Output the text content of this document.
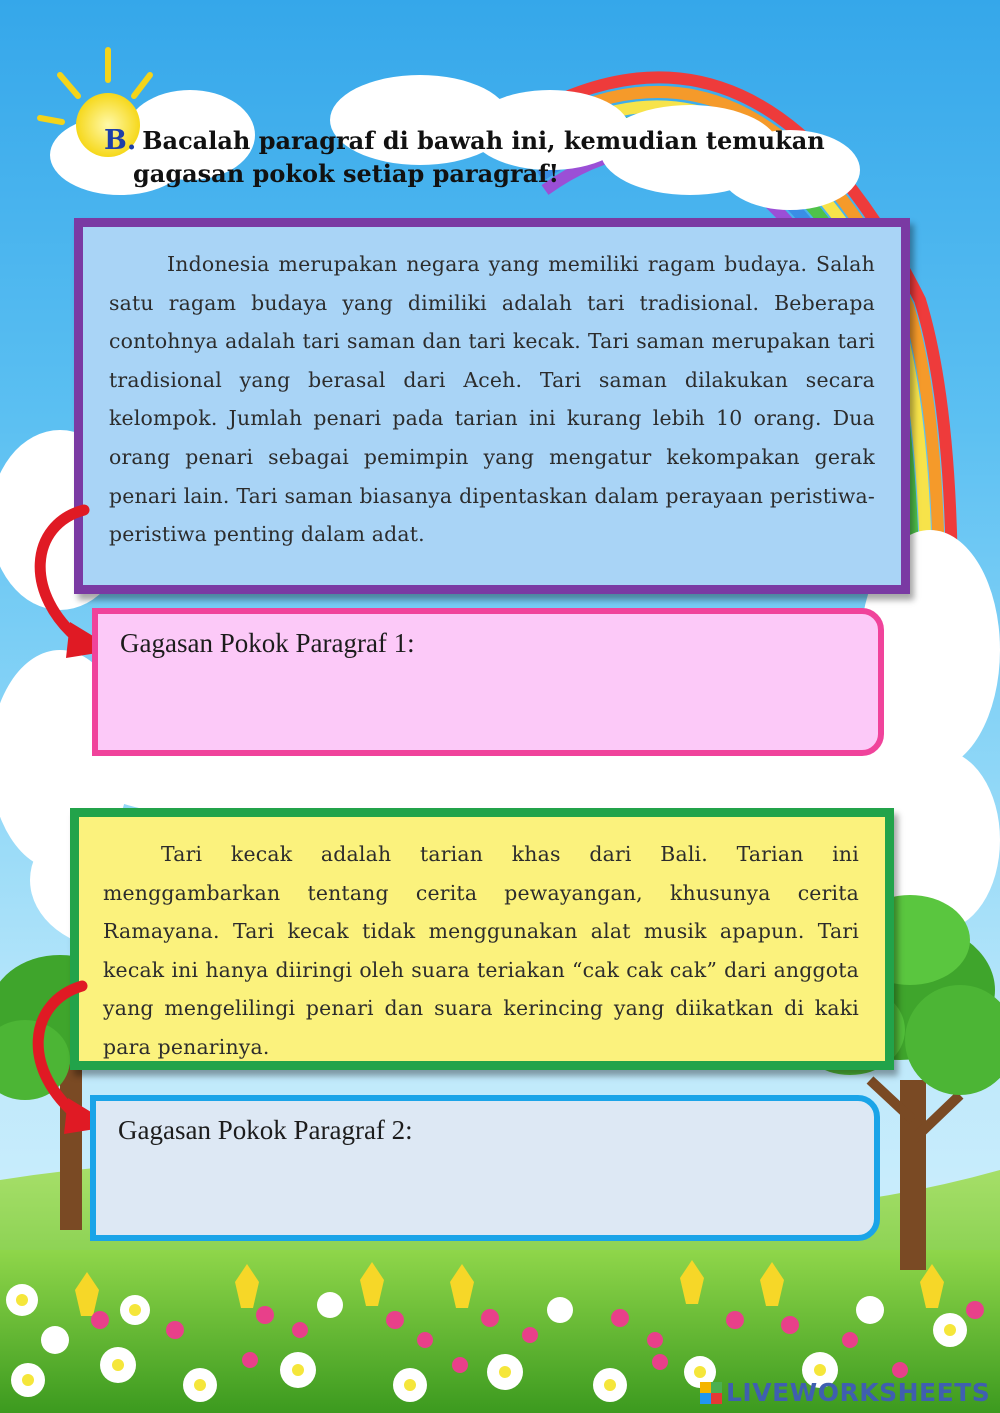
B. Bacalah paragraf di bawah ini, kemudian temukan
gagasan pokok setiap paragraf!

Indonesia merupakan negara yang memiliki ragam budaya. Salah satu ragam budaya yang dimiliki adalah tari tradisional. Beberapa contohnya adalah tari saman dan tari kecak. Tari saman merupakan tari tradisional yang berasal dari Aceh. Tari saman dilakukan secara kelompok. Jumlah penari pada tarian ini kurang lebih 10 orang. Dua orang penari sebagai pemimpin yang mengatur kekompakan gerak penari lain. Tari saman biasanya dipentaskan dalam perayaan peristiwa-peristiwa penting dalam adat.

Gagasan Pokok Paragraf 1:

Tari kecak adalah tarian khas dari Bali. Tarian ini menggambarkan tentang cerita pewayangan, khusunya cerita Ramayana. Tari kecak tidak menggunakan alat musik apapun. Tari kecak ini hanya diiringi oleh suara teriakan “cak cak cak” dari anggota yang mengelilingi penari dan suara kerincing yang diikatkan di kaki para penarinya.

Gagasan Pokok Paragraf 2:
LIVEWORKSHEETS
